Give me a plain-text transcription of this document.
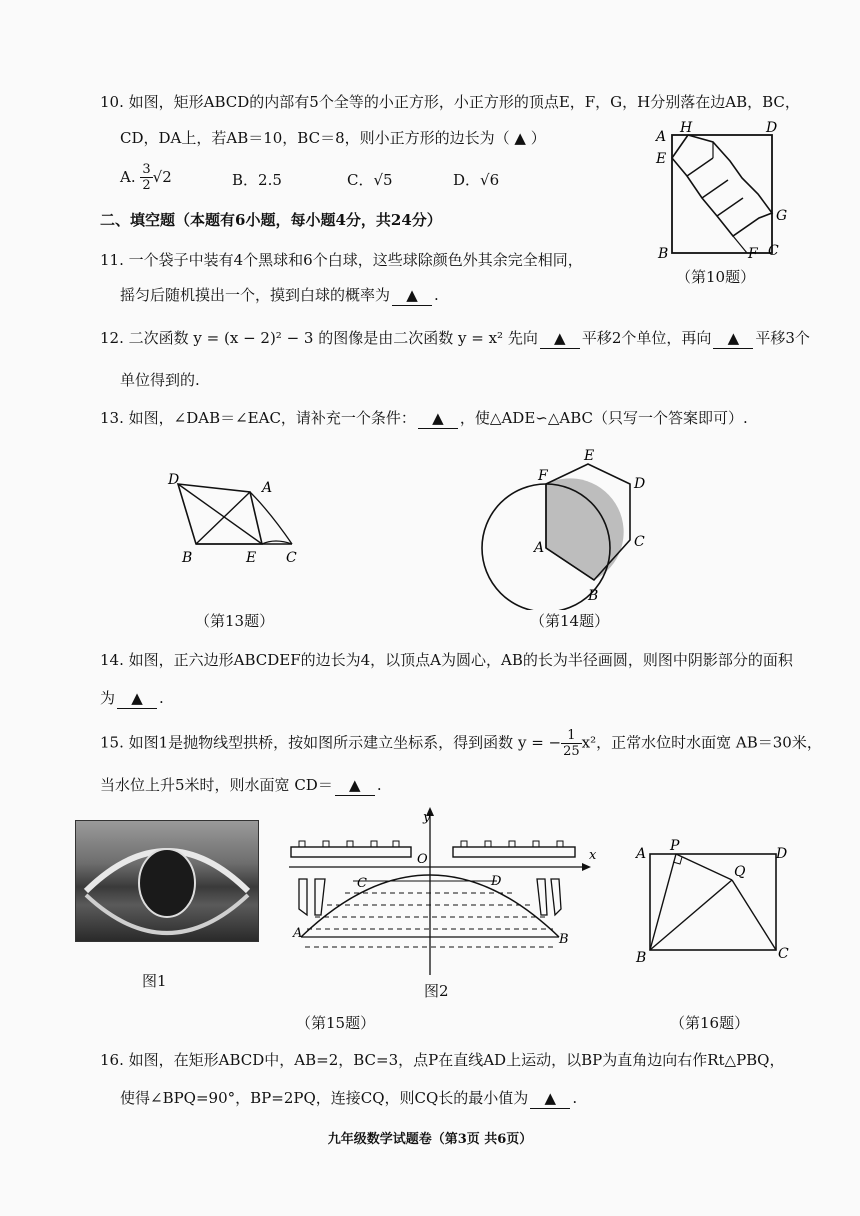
10. 如图，矩形ABCD的内部有5个全等的小正方形，小正方形的顶点E，F，G，H分别落在边AB，BC，
CD，DA上，若AB＝10，BC＝8，则小正方形的边长为（ ▲ ）
A. $\frac{3}{2} √2$	B．2.5	C．√5	D．√6
A
H	D
E
G
B	F C
（第10题）
二、填空题（本题有6小题，每小题4分，共24分）
11. 一个袋子中装有4个黑球和6个白球，这些球除颜色外其余完全相同，
摇匀后随机摸出一个，摸到白球的概率为 ▲ .
12. 二次函数 y = (x − 2)² − 3 的图像是由二次函数 y = x² 先向 ▲ 平移2个单位，再向 ▲ 平移3个
单位得到的.
13. 如图，∠DAB＝∠EAC，请补充一个条件： ▲ ，使△ADE∽△ABC（只写一个答案即可）.
D	A
B	E C
（第13题）
E
F	D
A	C
B
（第14题）
14. 如图，正六边形ABCDEF的边长为4，以顶点A为圆心，AB的长为半径画圆，则图中阴影部分的面积
为 ▲ .
15. 如图1是抛物线型拱桥，按如图所示建立坐标系，得到函数 y = − $\frac{1}{25} x^2$，正常水位时水面宽 AB＝30米，
当水位上升5米时，则水面宽 CD＝ ▲ .
图1
y
x
O
C	D
A	B
图2
（第15题）
A P	D
Q
B	C
（第16题）
16. 如图，在矩形ABCD中，AB=2，BC=3，点P在直线AD上运动，以BP为直角边向右作Rt△PBQ，
使得∠BPQ=90°，BP=2PQ，连接CQ，则CQ长的最小值为 ▲ .
九年级数学试题卷（第3页 共6页）
